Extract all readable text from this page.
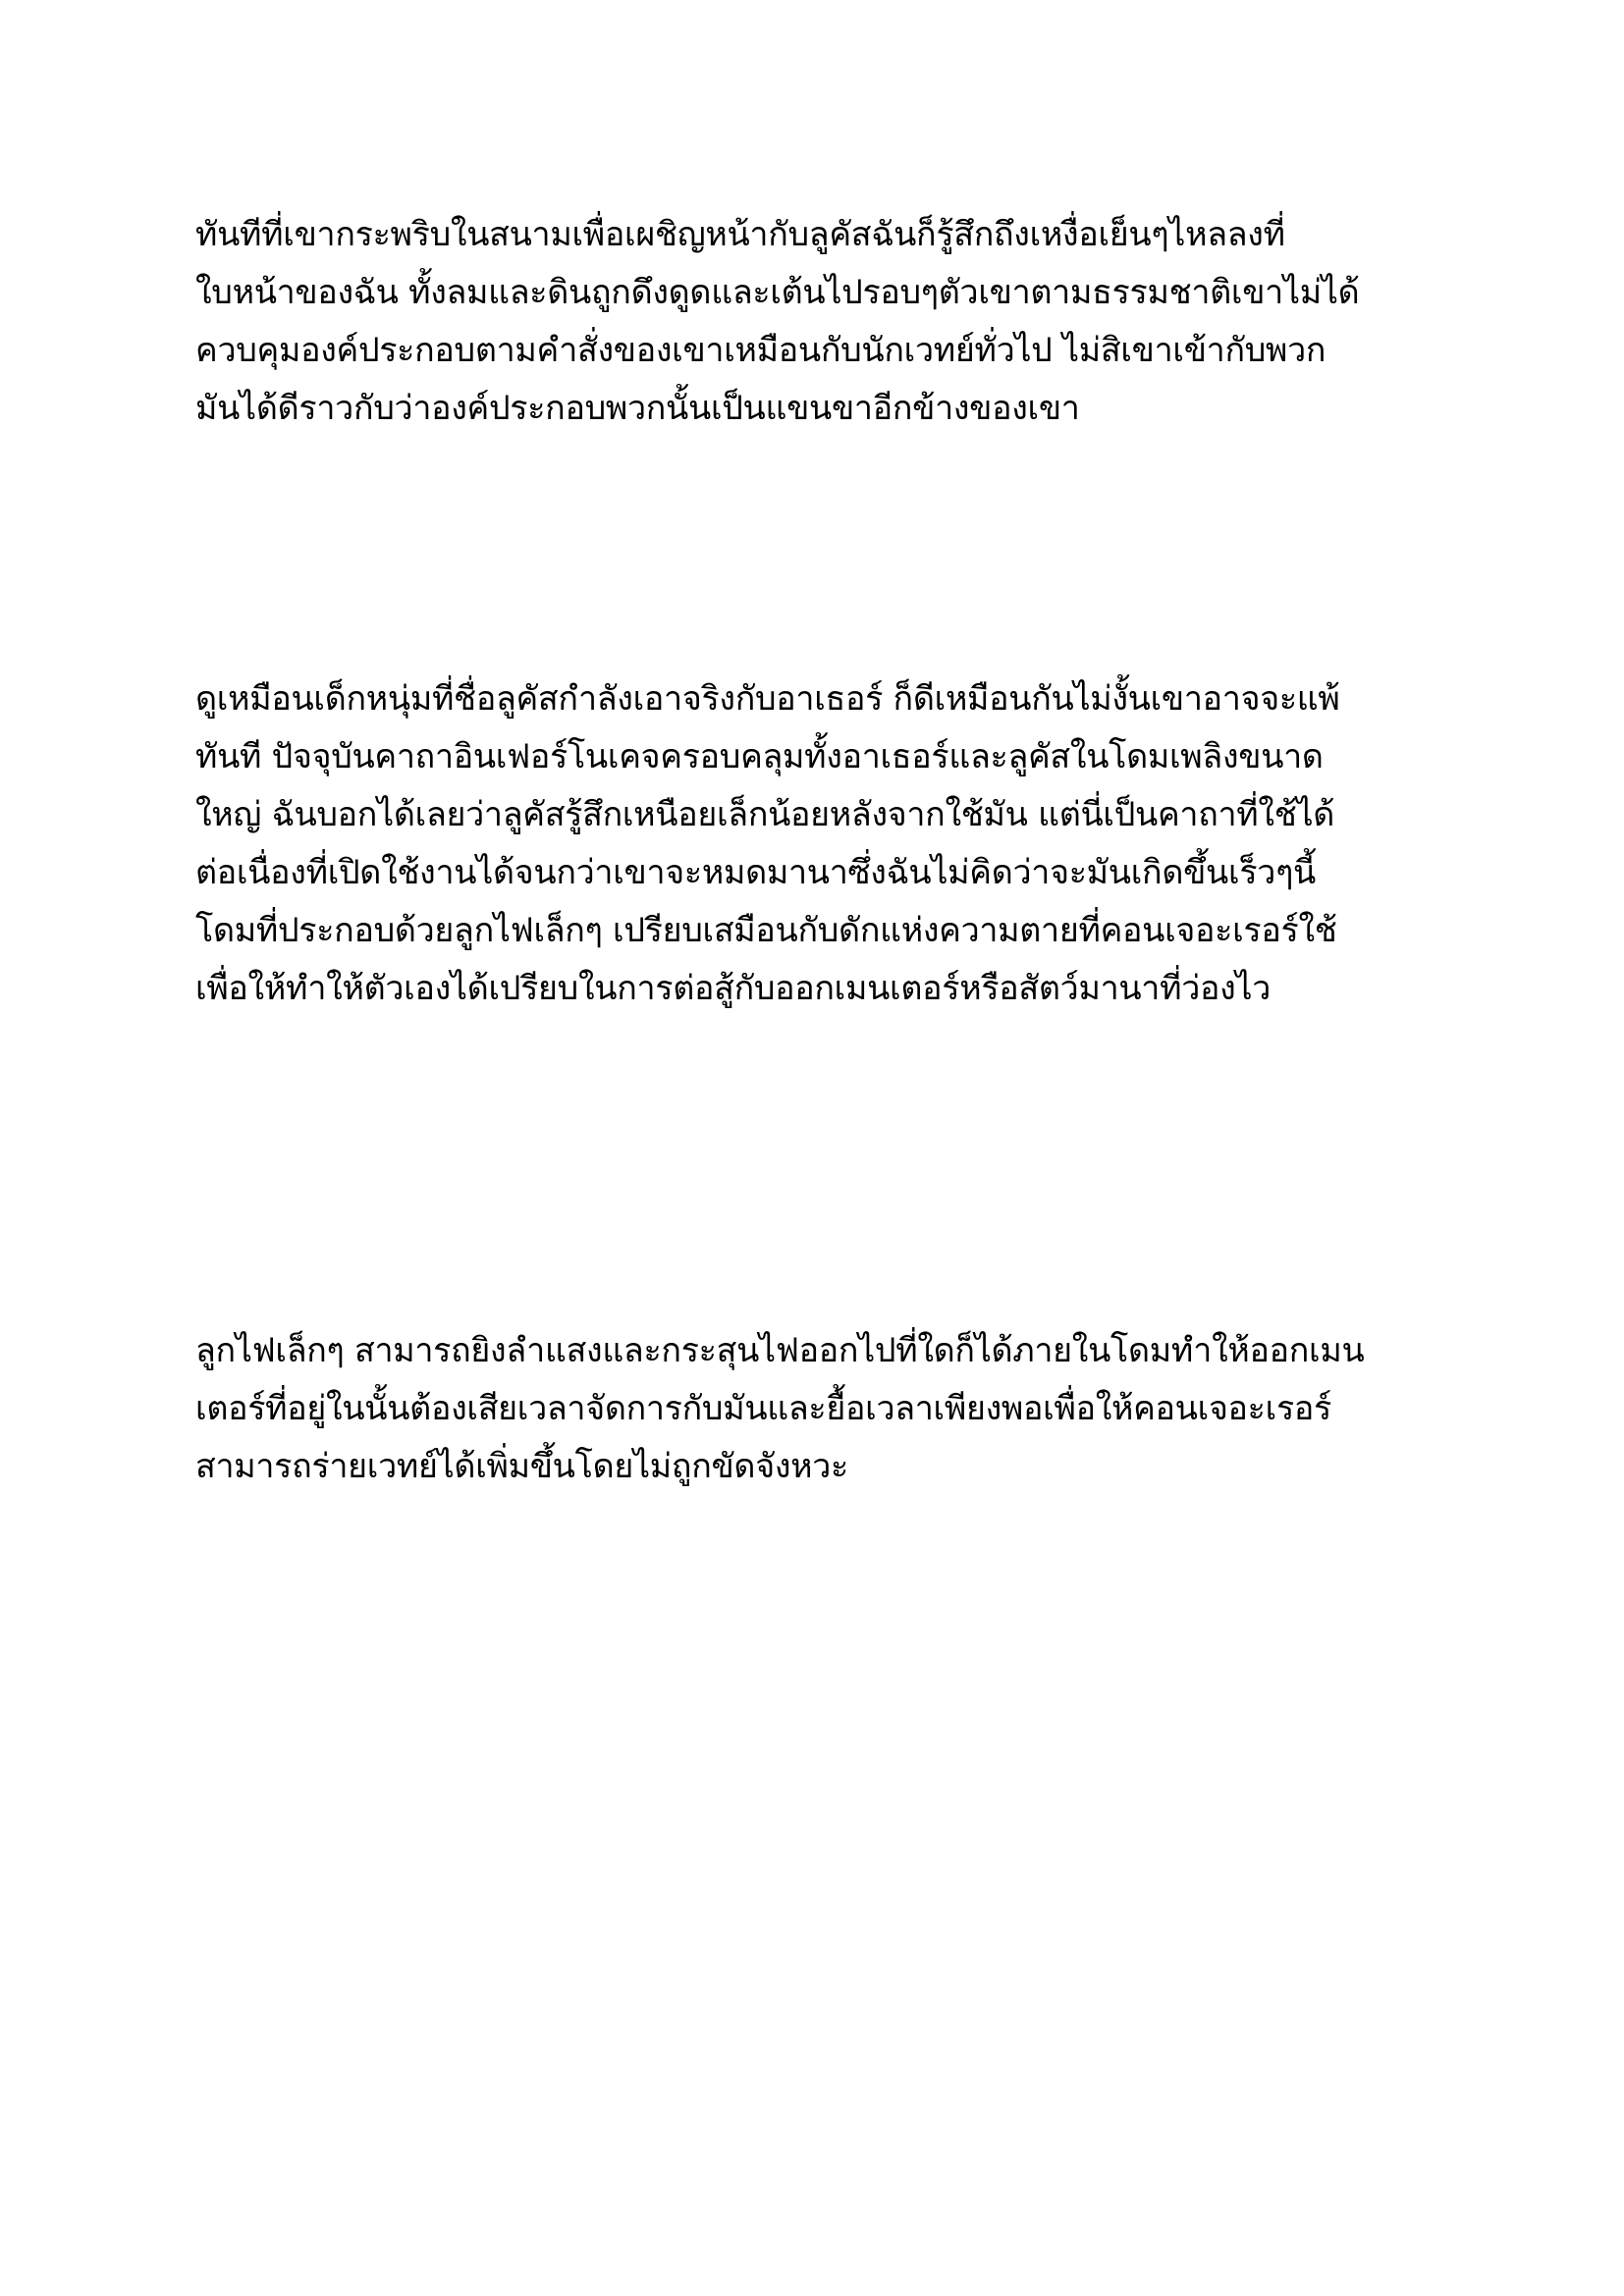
ทันทีที่เขากระพริบในสนามเพื่อเผชิญหน้ากับลูคัสฉันก็รู้สึกถึงเหงื่อเย็นๆไหลลงที่
ใบหน้าของฉัน ทั้งลมและดินถูกดึงดูดและเต้นไปรอบๆตัวเขาตามธรรมชาติเขาไม่ได้
ควบคุมองค์ประกอบตามคำสั่งของเขาเหมือนกับนักเวทย์ทั่วไป ไม่สิเขาเข้ากับพวก
มันได้ดีราวกับว่าองค์ประกอบพวกนั้นเป็นแขนขาอีกข้างของเขา
ดูเหมือนเด็กหนุ่มที่ชื่อลูคัสกำลังเอาจริงกับอาเธอร์ ก็ดีเหมือนกันไม่งั้นเขาอาจจะแพ้
ทันที ปัจจุบันคาถาอินเฟอร์โนเคจครอบคลุมทั้งอาเธอร์และลูคัสในโดมเพลิงขนาด
ใหญ่ ฉันบอกได้เลยว่าลูคัสรู้สึกเหนือยเล็กน้อยหลังจากใช้มัน แต่นี่เป็นคาถาที่ใช้ได้
ต่อเนื่องที่เปิดใช้งานได้จนกว่าเขาจะหมดมานาซึ่งฉันไม่คิดว่าจะมันเกิดขึ้นเร็วๆนี้
โดมที่ประกอบด้วยลูกไฟเล็กๆ เปรียบเสมือนกับดักแห่งความตายที่คอนเจอะเรอร์ใช้
เพื่อให้ทำให้ตัวเองได้เปรียบในการต่อสู้กับออกเมนเตอร์หรือสัตว์มานาที่ว่องไว
ลูกไฟเล็กๆ สามารถยิงลำแสงและกระสุนไฟออกไปที่ใดก็ได้ภายในโดมทำให้ออกเมน
เตอร์ที่อยู่ในนั้นต้องเสียเวลาจัดการกับมันและยื้อเวลาเพียงพอเพื่อให้คอนเจอะเรอร์
สามารถร่ายเวทย์ได้เพิ่มขึ้นโดยไม่ถูกขัดจังหวะ
